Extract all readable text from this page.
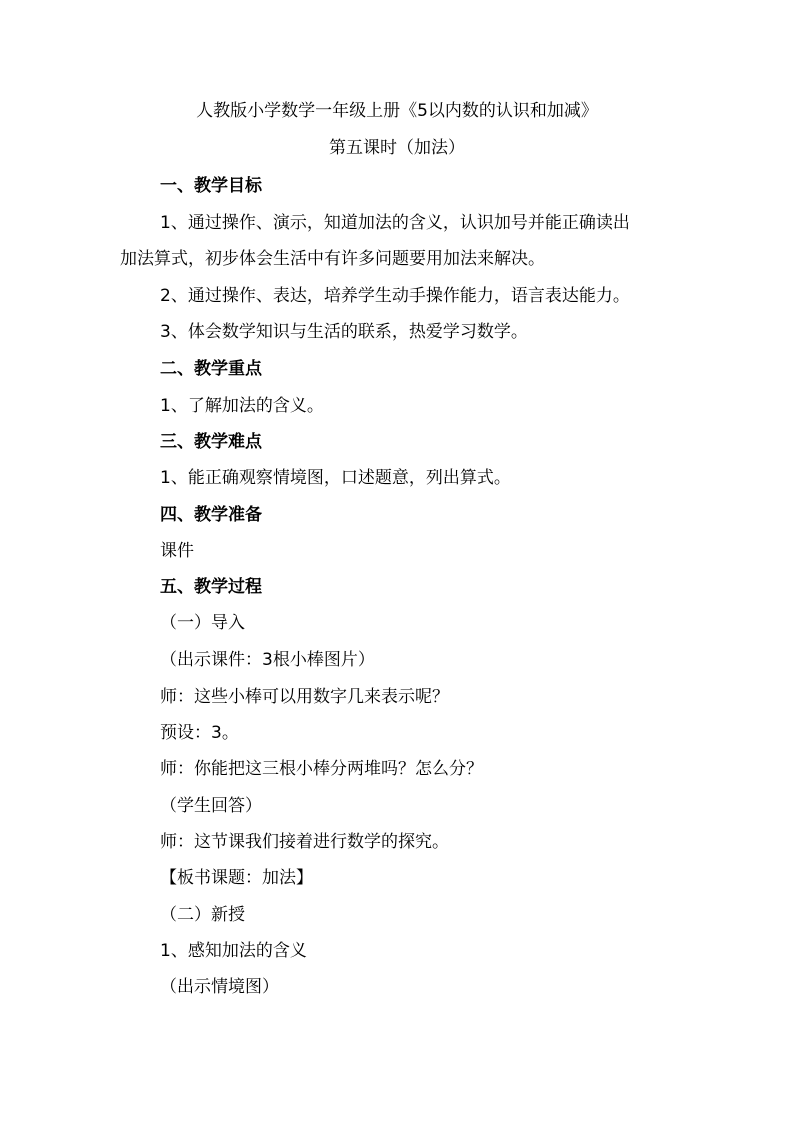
人教版小学数学一年级上册《5以内数的认识和加减》
第五课时（加法）
一、教学目标
1、通过操作、演示，知道加法的含义，认识加号并能正确读出
加法算式，初步体会生活中有许多问题要用加法来解决。
2、通过操作、表达，培养学生动手操作能力，语言表达能力。
3、体会数学知识与生活的联系，热爱学习数学。
二、教学重点
1、了解加法的含义。
三、教学难点
1、能正确观察情境图，口述题意，列出算式。
四、教学准备
课件
五、教学过程
（一）导入
（出示课件：3根小棒图片）
师：这些小棒可以用数字几来表示呢？
预设：3。
师：你能把这三根小棒分两堆吗？怎么分？
（学生回答）
师：这节课我们接着进行数学的探究。
【板书课题：加法】
（二）新授
1、感知加法的含义
（出示情境图）
